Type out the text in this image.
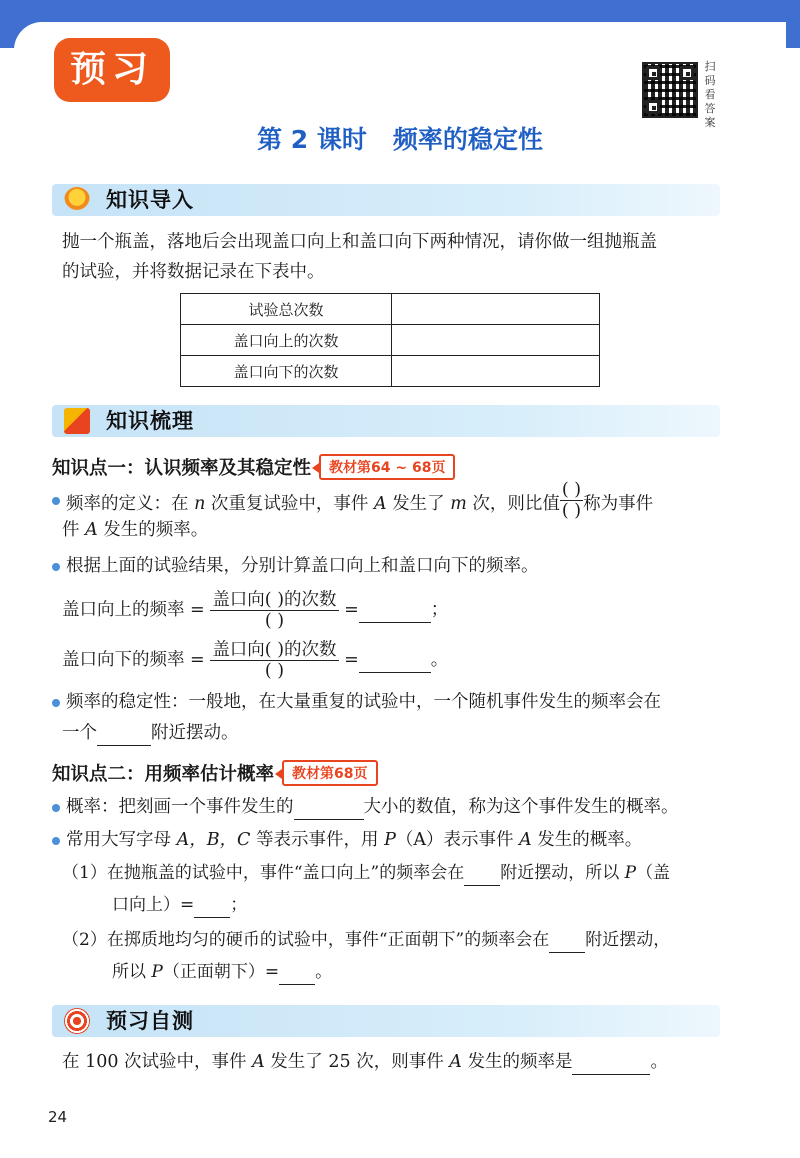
预习	扫
码
看
答
案
第 2 课时 频率的稳定性
知识导入
抛一个瓶盖，落地后会出现盖口向上和盖口向下两种情况，请你做一组抛瓶盖
的试验，并将数据记录在下表中。
试验总次数	
盖口向上的次数	
盖口向下的次数	
知识梳理
知识点一：认识频率及其稳定性 教材第64 ~ 68页
频率的定义：在 n 次重复试验中，事件 A 发生了 m 次，则比值 $\frac{( )}{( )}$ 称为事件
件 A 发生的频率。
根据上面的试验结果，分别计算盖口向上和盖口向下的频率。
盖口向上的频率 = $\frac{\text{盖口向( )的次数}}{( )}$ =	；
盖口向下的频率 = $\frac{\text{盖口向( )的次数}}{( )}$ =	。
频率的稳定性：一般地，在大量重复的试验中，一个随机事件发生的频率会在
一个	附近摆动。
知识点二：用频率估计概率 教材第68页
概率：把刻画一个事件发生的	大小的数值，称为这个事件发生的概率。
常用大写字母 A，B，C 等表示事件，用 P（A）表示事件 A 发生的概率。
（1）在抛瓶盖的试验中，事件“盖口向上”的频率会在 附近摆动，所以 P（盖
口向上）= ；
（2）在掷质地均匀的硬币的试验中，事件“正面朝下”的频率会在 附近摆动，
所以 P（正面朝下）= 。
预习自测
在 100 次试验中，事件 A 发生了 25 次，则事件 A 发生的频率是	。
24
